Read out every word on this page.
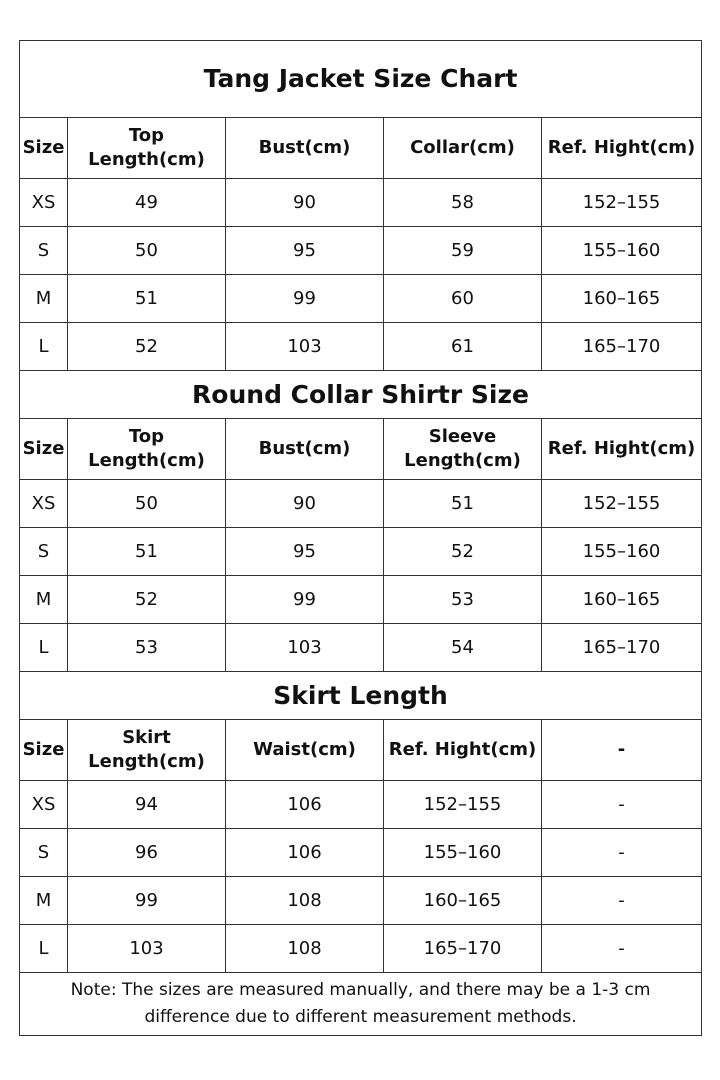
Tang Jacket Size Chart				
Size	Top Length(cm)	Bust(cm)	Collar(cm)	Ref. Hight(cm)
XS	49	90	58	152–155
S	50	95	59	155–160
M	51	99	60	160–165
L	52	103	61	165–170
Round Collar Shirtr Size				
Size	Top Length(cm)	Bust(cm)	Sleeve Length(cm)	Ref. Hight(cm)
XS	50	90	51	152–155
S	51	95	52	155–160
M	52	99	53	160–165
L	53	103	54	165–170
Skirt Length				
Size	Skirt Length(cm)	Waist(cm)	Ref. Hight(cm)	-
XS	94	106	152–155	-
S	96	106	155–160	-
M	99	108	160–165	-
L	103	108	165–170	-
Note: The sizes are measured manually, and there may be a 1-3 cm difference due to different measurement methods.				
